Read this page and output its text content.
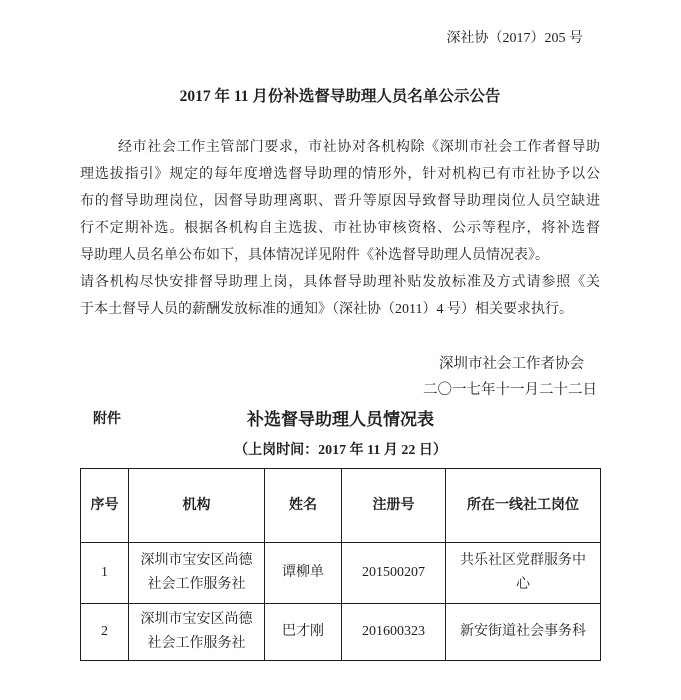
深社协（2017）205 号
2017 年 11 月份补选督导助理人员名单公示公告
经市社会工作主管部门要求，市社协对各机构除《深圳市社会工作者督导助
理选拔指引》规定的每年度增选督导助理的情形外，针对机构已有市社协予以公
布的督导助理岗位，因督导助理离职、晋升等原因导致督导助理岗位人员空缺进
行不定期补选。根据各机构自主选拔、市社协审核资格、公示等程序，将补选督
导助理人员名单公布如下，具体情况详见附件《补选督导助理人员情况表》。
请各机构尽快安排督导助理上岗，具体督导助理补贴发放标准及方式请参照《关
于本土督导人员的薪酬发放标准的通知》（深社协（2011）4 号）相关要求执行。
深圳市社会工作者协会
二〇一七年十一月二十二日
附件	补选督导助理人员情况表
（上岗时间：2017 年 11 月 22 日）
序号	机构	姓名	注册号	所在一线社工岗位
1	深圳市宝安区尚德社会工作服务社	谭柳单	201500207	共乐社区党群服务中心
2	深圳市宝安区尚德社会工作服务社	巴才刚	201600323	新安街道社会事务科
